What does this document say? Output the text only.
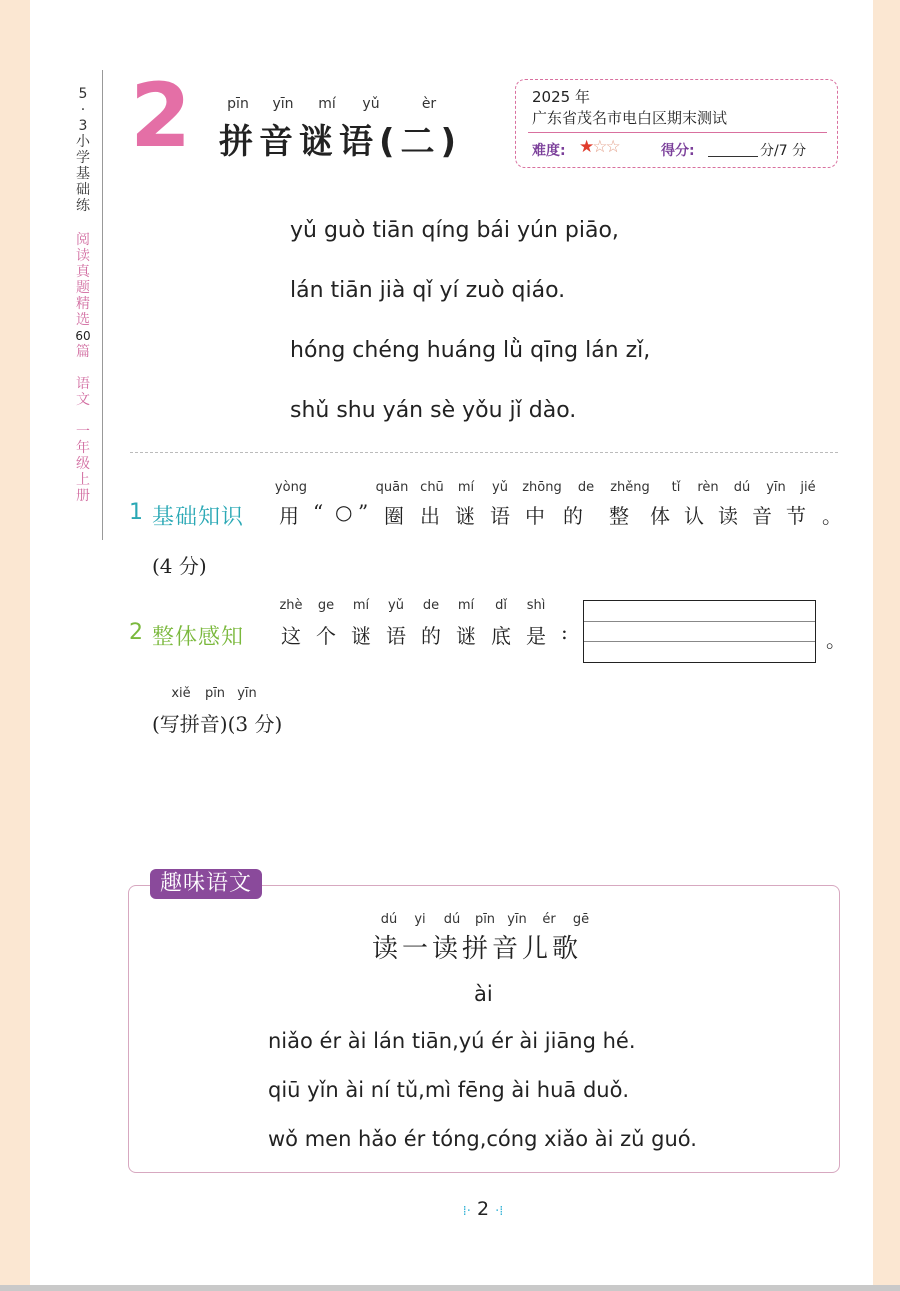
5
·
3
小
学
基
础
练
阅
读
真
题
精
选
60
篇

语
文

一
年
级
上
册
2	pīn	yīn	mí	yǔ	èr
拼音谜语(二)
2025 年
广东省茂名市电白区期末测试
难度: ★☆☆	得分:	分/7 分
yǔ guò tiān qíng bái yún piāo,
lán tiān jià qǐ yí zuò qiáo.
hóng chéng huáng lǜ qīng lán zǐ,
shǔ shu yán sè yǒu jǐ dào.
1 基础知识 用 “ ○ ” 圈 出 谜 语 中 的 整 体 认 读 音 节 。
yòng	quān chū	mí	yǔ	zhōng	de	zhěng	tǐ	rèn	dú	yīn	jié
(4 分)
2 整体感知 这 个 谜 语 的 谜 底 是 :
zhè	ge	mí	yǔ	de	mí	dǐ	shì
。
xiě	pīn yīn
(写拼音)(3 分)
趣味语文
dú	yi	dú	pīn yīn	ér	gē
读一读拼音儿歌
ài
niǎo ér ài lán tiān,yú ér ài jiāng hé.
qiū yǐn ài ní tǔ,mì fēng ài huā duǒ.
wǒ men hǎo ér tóng,cóng xiǎo ài zǔ guó.
⁞· 2 ·⁞
